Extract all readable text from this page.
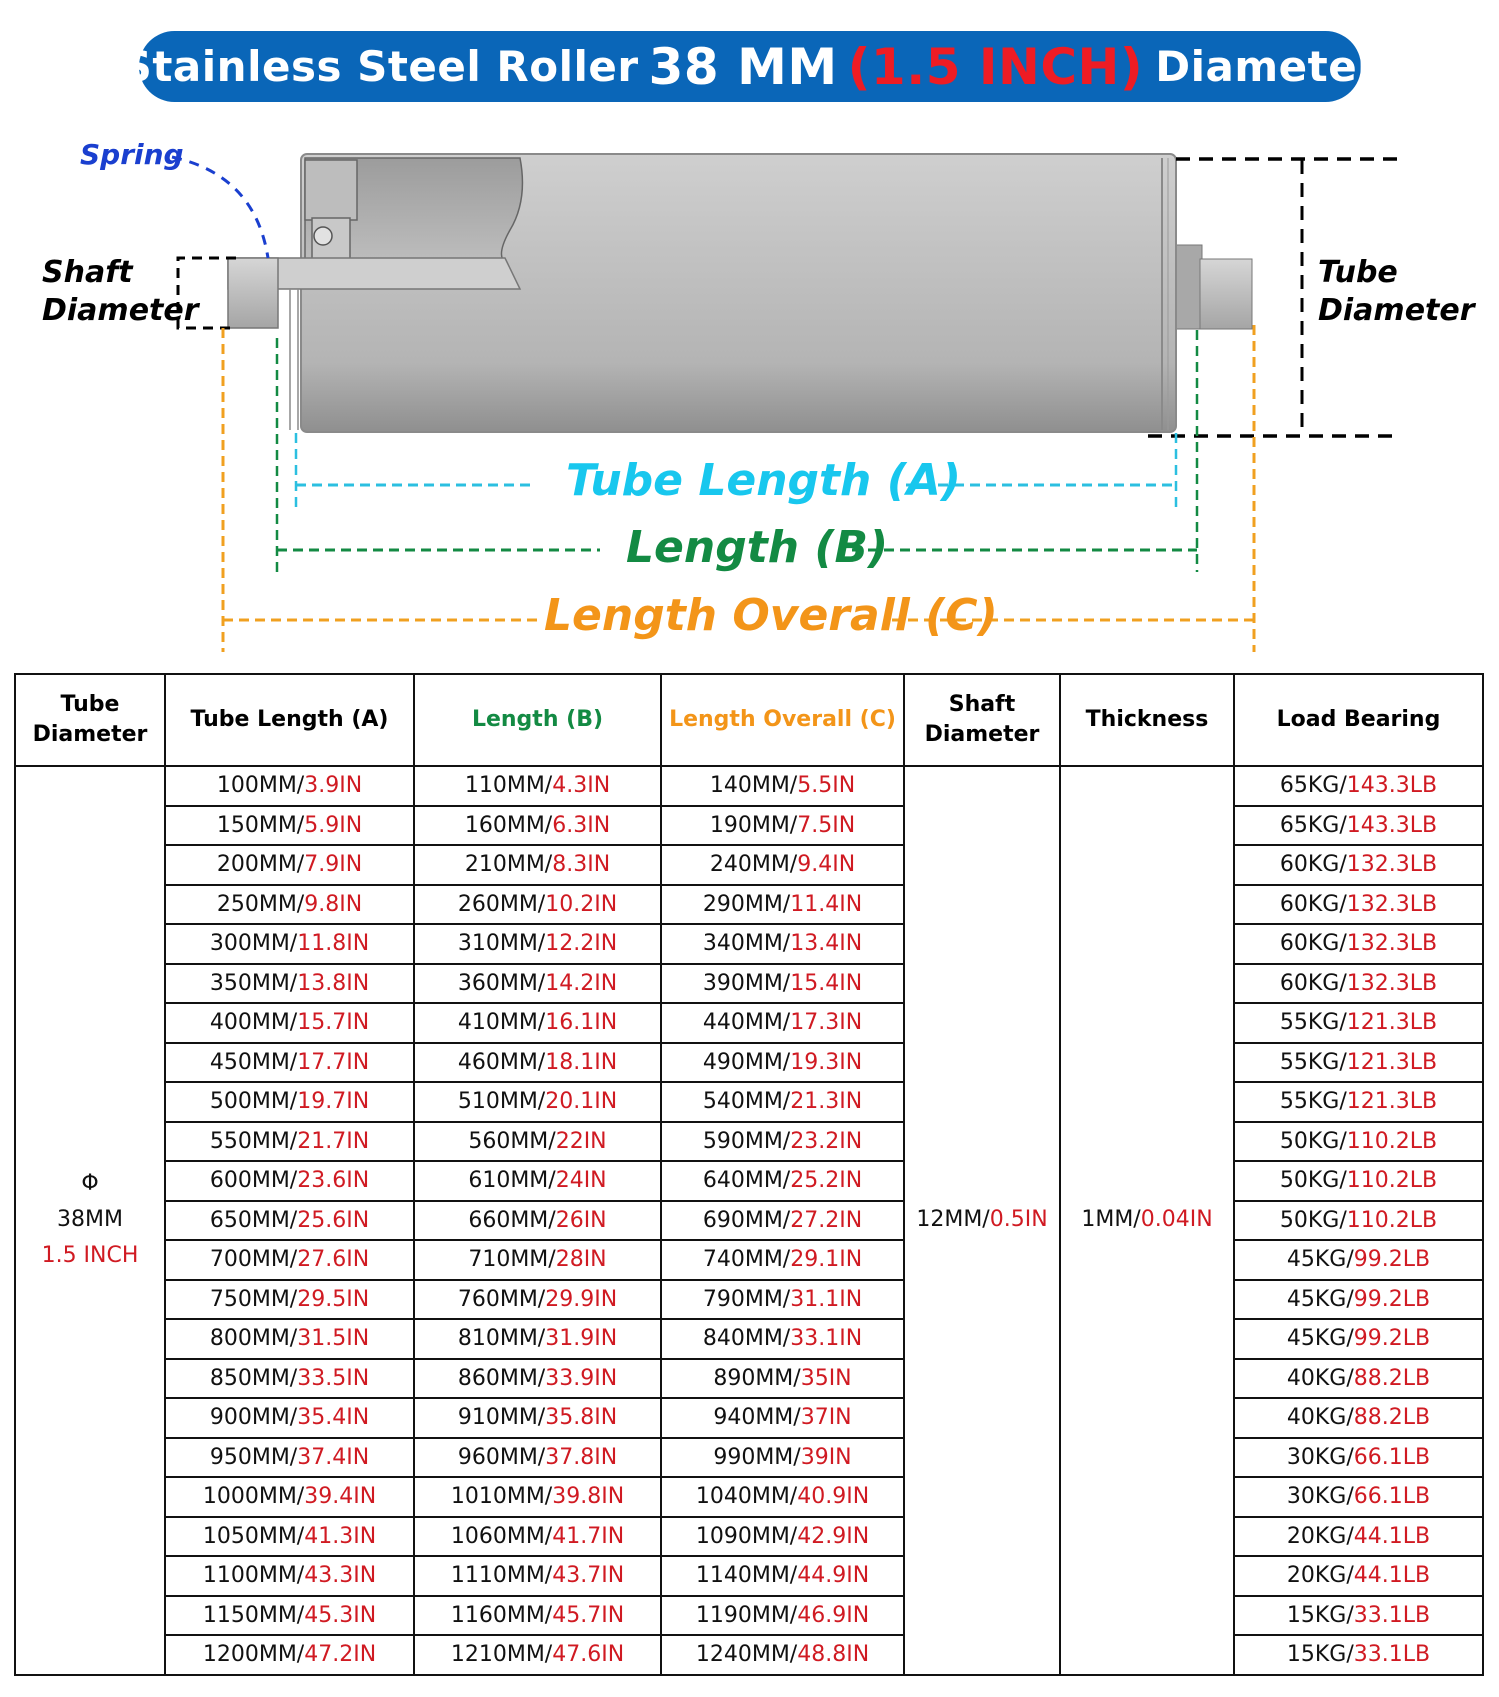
Stainless Steel Roller 38 MM (1.5 INCH) Diameter
Spring
Shaft
Diameter
Tube
Diameter
Tube Length (A)
Length (B)
Length Overall (C)
Tube
Diameter	Tube Length (A)	Length (B)	Length Overall (C)	Shaft
Diameter	Thickness	Load Bearing
Φ
38MM
1.5 INCH	100MM/3.9IN	110MM/4.3IN	140MM/5.5IN	12MM/0.5IN	1MM/0.04IN	65KG/143.3LB
	150MM/5.9IN	160MM/6.3IN	190MM/7.5IN			65KG/143.3LB
	200MM/7.9IN	210MM/8.3IN	240MM/9.4IN			60KG/132.3LB
	250MM/9.8IN	260MM/10.2IN	290MM/11.4IN			60KG/132.3LB
	300MM/11.8IN	310MM/12.2IN	340MM/13.4IN			60KG/132.3LB
	350MM/13.8IN	360MM/14.2IN	390MM/15.4IN			60KG/132.3LB
	400MM/15.7IN	410MM/16.1IN	440MM/17.3IN			55KG/121.3LB
	450MM/17.7IN	460MM/18.1IN	490MM/19.3IN			55KG/121.3LB
	500MM/19.7IN	510MM/20.1IN	540MM/21.3IN			55KG/121.3LB
	550MM/21.7IN	560MM/22IN	590MM/23.2IN			50KG/110.2LB
	600MM/23.6IN	610MM/24IN	640MM/25.2IN			50KG/110.2LB
	650MM/25.6IN	660MM/26IN	690MM/27.2IN			50KG/110.2LB
	700MM/27.6IN	710MM/28IN	740MM/29.1IN			45KG/99.2LB
	750MM/29.5IN	760MM/29.9IN	790MM/31.1IN			45KG/99.2LB
	800MM/31.5IN	810MM/31.9IN	840MM/33.1IN			45KG/99.2LB
	850MM/33.5IN	860MM/33.9IN	890MM/35IN			40KG/88.2LB
	900MM/35.4IN	910MM/35.8IN	940MM/37IN			40KG/88.2LB
	950MM/37.4IN	960MM/37.8IN	990MM/39IN			30KG/66.1LB
	1000MM/39.4IN	1010MM/39.8IN	1040MM/40.9IN			30KG/66.1LB
	1050MM/41.3IN	1060MM/41.7IN	1090MM/42.9IN			20KG/44.1LB
	1100MM/43.3IN	1110MM/43.7IN	1140MM/44.9IN			20KG/44.1LB
	1150MM/45.3IN	1160MM/45.7IN	1190MM/46.9IN			15KG/33.1LB
	1200MM/47.2IN	1210MM/47.6IN	1240MM/48.8IN			15KG/33.1LB
